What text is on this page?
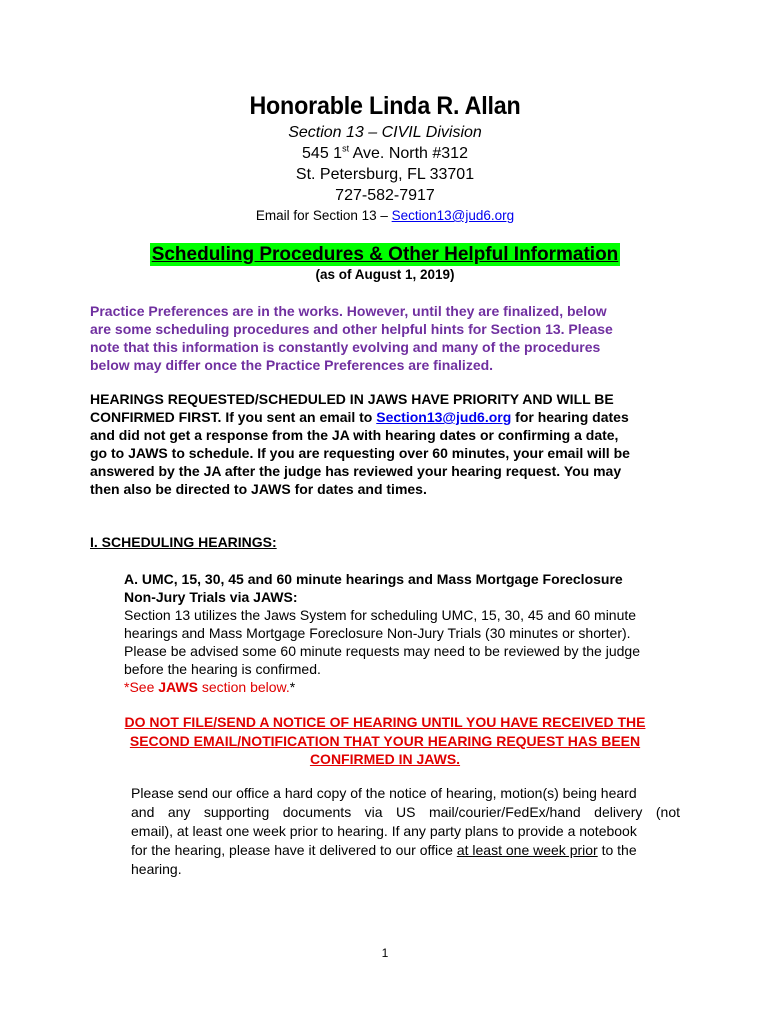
Honorable Linda R. Allan
Section 13 – CIVIL Division
545 1st Ave. North #312
St. Petersburg, FL 33701
727-582-7917
Email for Section 13 – Section13@jud6.org
Scheduling Procedures & Other Helpful Information
(as of August 1, 2019)
Practice Preferences are in the works. However, until they are finalized, below
are some scheduling procedures and other helpful hints for Section 13. Please
note that this information is constantly evolving and many of the procedures
below may differ once the Practice Preferences are finalized.
HEARINGS REQUESTED/SCHEDULED IN JAWS HAVE PRIORITY AND WILL BE
CONFIRMED FIRST. If you sent an email to Section13@jud6.org for hearing dates
and did not get a response from the JA with hearing dates or confirming a date,
go to JAWS to schedule. If you are requesting over 60 minutes, your email will be
answered by the JA after the judge has reviewed your hearing request. You may
then also be directed to JAWS for dates and times.
I. SCHEDULING HEARINGS:
A. UMC, 15, 30, 45 and 60 minute hearings and Mass Mortgage Foreclosure
Non-Jury Trials via JAWS:
Section 13 utilizes the Jaws System for scheduling UMC, 15, 30, 45 and 60 minute
hearings and Mass Mortgage Foreclosure Non-Jury Trials (30 minutes or shorter).
Please be advised some 60 minute requests may need to be reviewed by the judge
before the hearing is confirmed.
*See JAWS section below.*
DO NOT FILE/SEND A NOTICE OF HEARING UNTIL YOU HAVE RECEIVED THE
SECOND EMAIL/NOTIFICATION THAT YOUR HEARING REQUEST HAS BEEN
CONFIRMED IN JAWS.
Please send our office a hard copy of the notice of hearing, motion(s) being heard
and any supporting documents via US mail/courier/FedEx/hand delivery (not
email), at least one week prior to hearing. If any party plans to provide a notebook
for the hearing, please have it delivered to our office at least one week prior to the
hearing.
1
